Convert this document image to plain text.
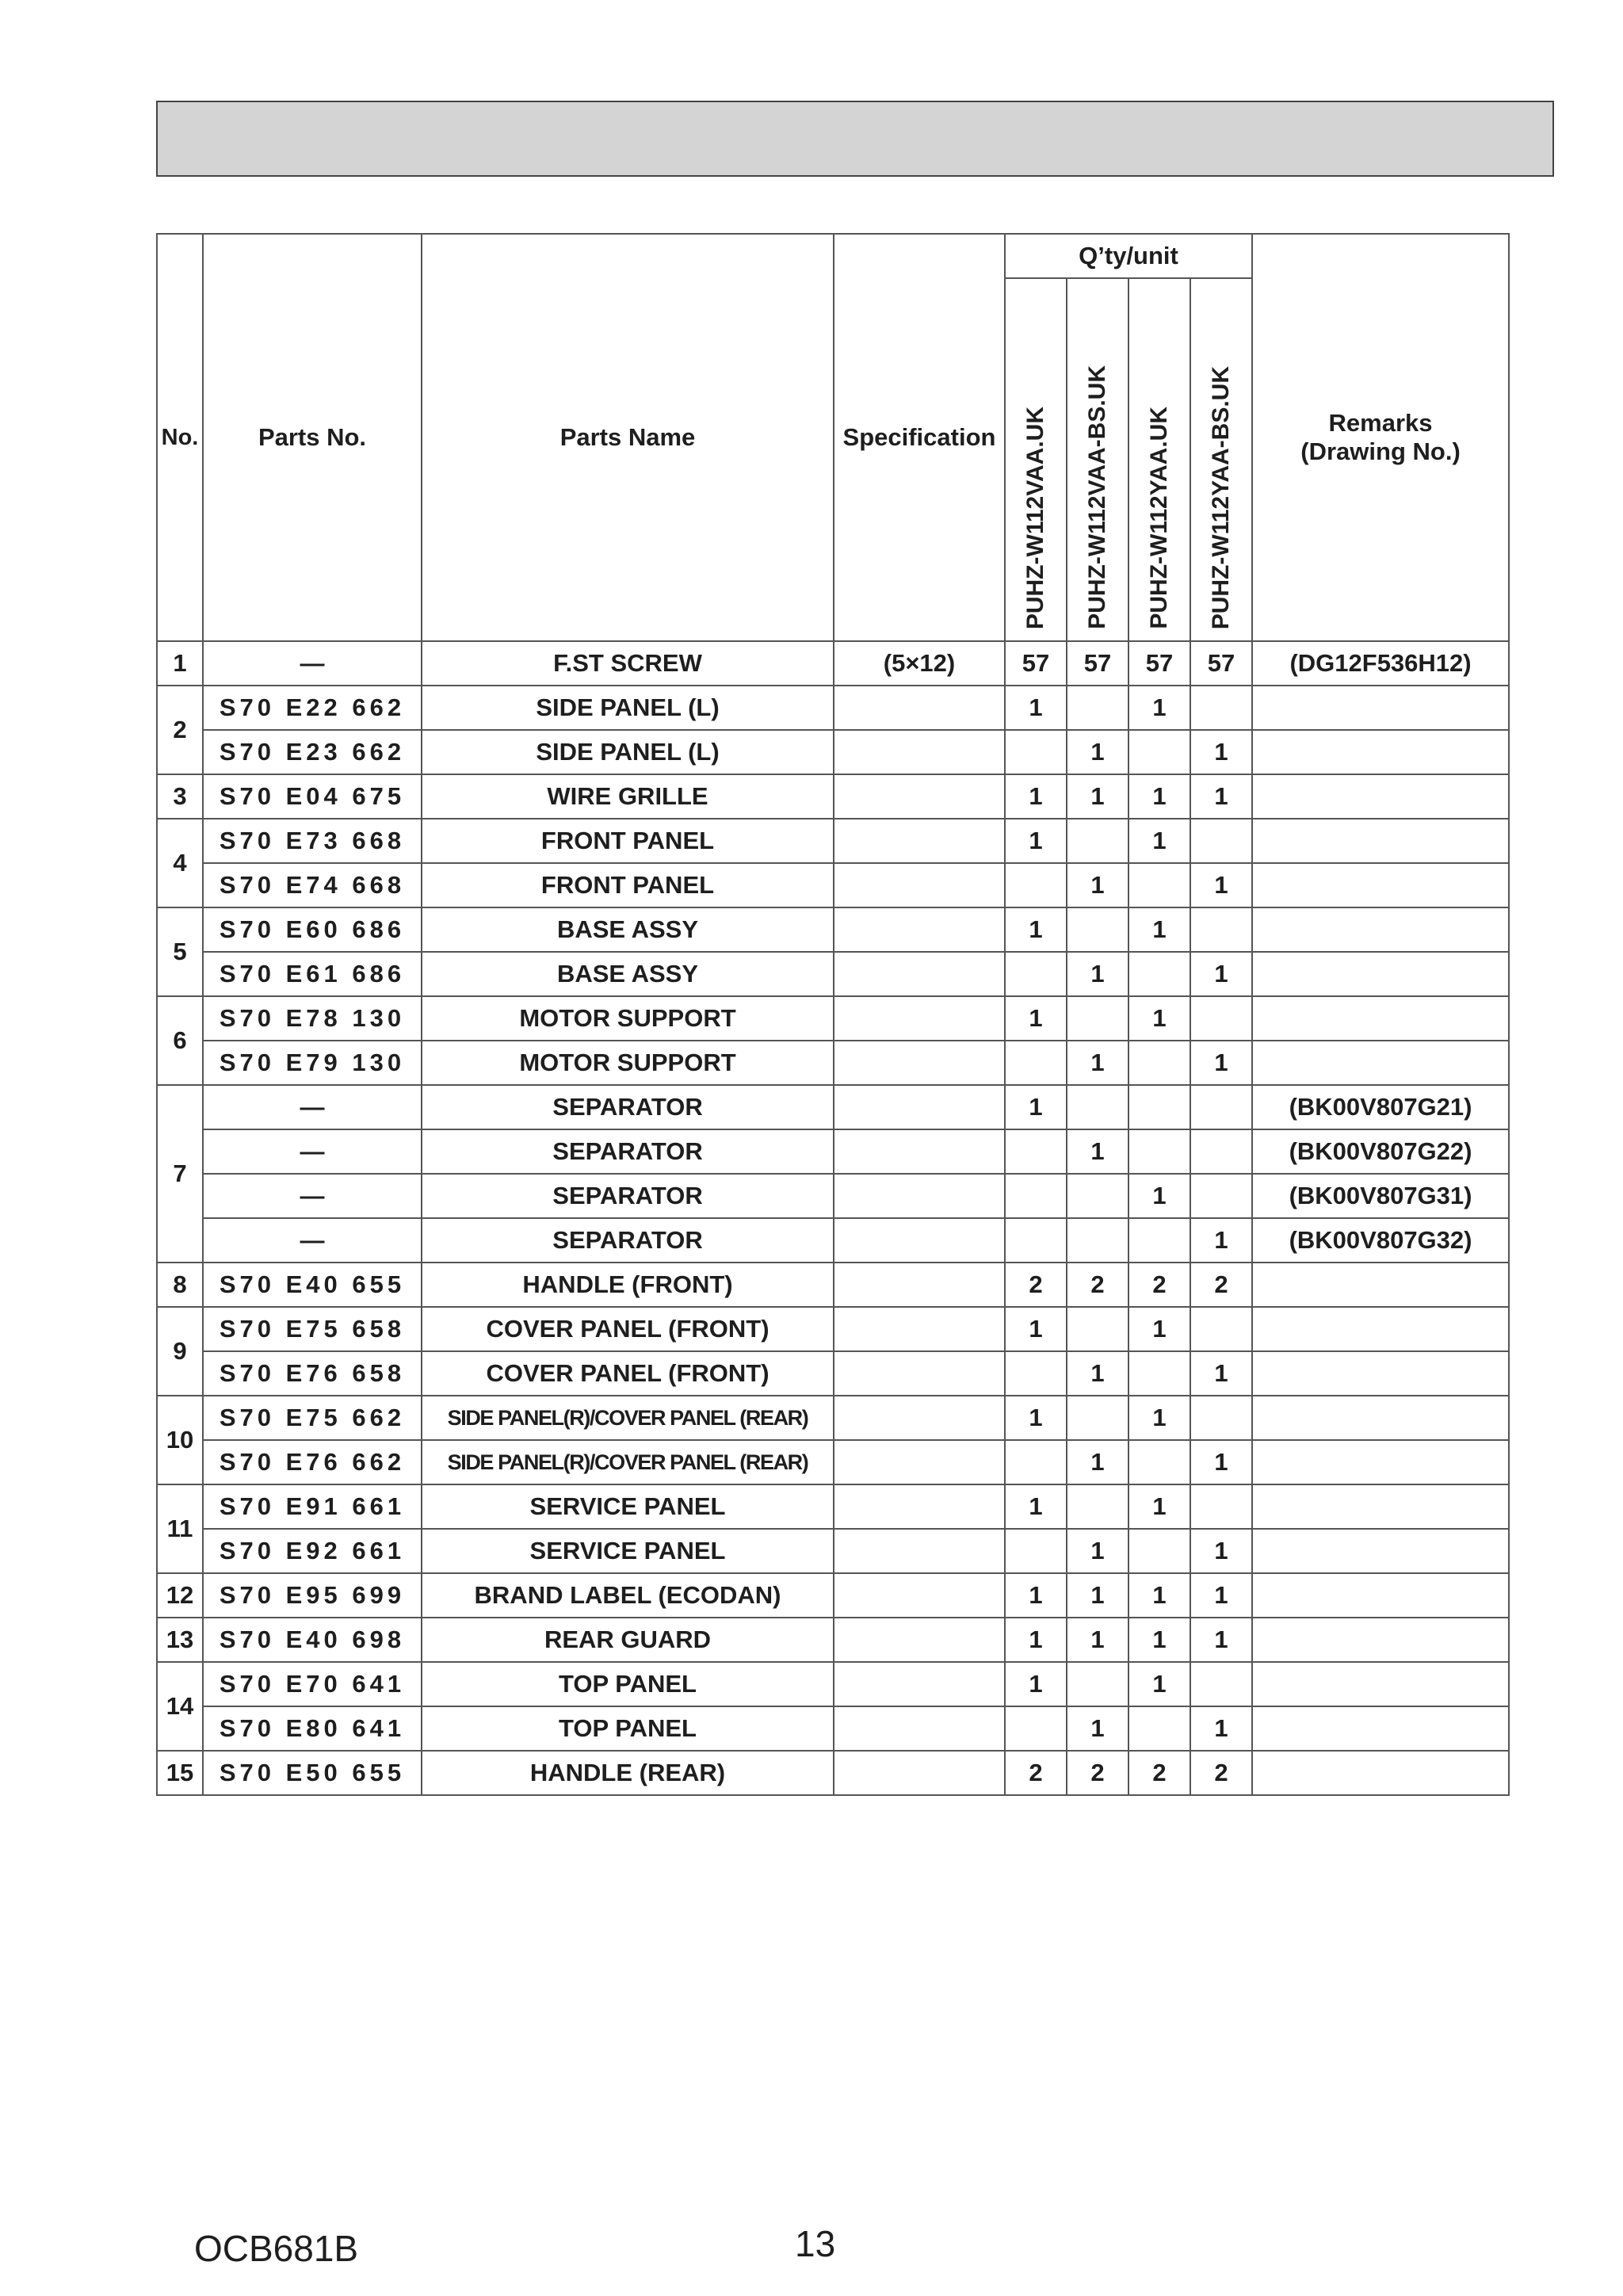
No.	Parts No.	Parts Name	Specification	Q’ty/unit				Remarks
(Drawing No.)

				PUHZ-W112VAA.UK	PUHZ-W112VAA-BS.UK	PUHZ-W112YAA.UK	PUHZ-W112YAA-BS.UK	
1	—	F.ST SCREW	(5×12)	57	57	57	57	(DG12F536H12)
2	S70 E22 662	SIDE PANEL (L)		1		1		
	S70 E23 662	SIDE PANEL (L)			1		1	
3	S70 E04 675	WIRE GRILLE		1	1	1	1	
4	S70 E73 668	FRONT PANEL		1		1		
	S70 E74 668	FRONT PANEL			1		1	
5	S70 E60 686	BASE ASSY		1		1		
	S70 E61 686	BASE ASSY			1		1	
6	S70 E78 130	MOTOR SUPPORT		1		1		
	S70 E79 130	MOTOR SUPPORT			1		1	
7	—	SEPARATOR		1				(BK00V807G21)
	—	SEPARATOR			1			(BK00V807G22)
	—	SEPARATOR				1		(BK00V807G31)
	—	SEPARATOR					1	(BK00V807G32)
8	S70 E40 655	HANDLE (FRONT)		2	2	2	2	
9	S70 E75 658	COVER PANEL (FRONT)		1		1		
	S70 E76 658	COVER PANEL (FRONT)			1		1	
10	S70 E75 662	SIDE PANEL(R)/COVER PANEL (REAR)		1		1		
	S70 E76 662	SIDE PANEL(R)/COVER PANEL (REAR)			1		1	
11	S70 E91 661	SERVICE PANEL		1		1		
	S70 E92 661	SERVICE PANEL			1		1	
12	S70 E95 699	BRAND LABEL (ECODAN)		1	1	1	1	
13	S70 E40 698	REAR GUARD		1	1	1	1	
14	S70 E70 641	TOP PANEL		1		1		
	S70 E80 641	TOP PANEL			1		1	
15	S70 E50 655	HANDLE (REAR)		2	2	2	2	
OCB681B	13
